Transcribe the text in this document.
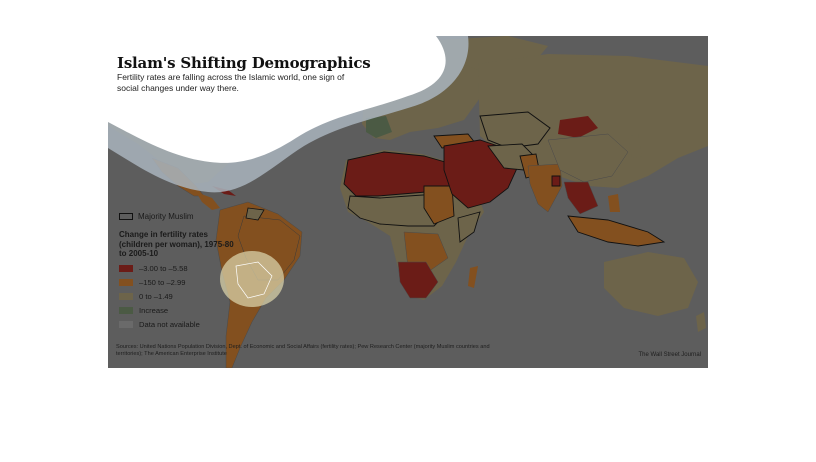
Islam's Shifting Demographics

Fertility rates are falling across the Islamic world, one sign of social changes under way there.

Majority Muslim
Change in fertility rates (children per woman), 1975-80 to 2005-10
–3.00 to –5.58
–150 to –2.99
0 to –1.49
Increase
Data not available
Sources: United Nations Population Division, Dept. of Economic and Social Affairs (fertility rates); Pew Research Center (majority Muslim countries and territories); The American Enterprise Institute	The Wall Street Journal
